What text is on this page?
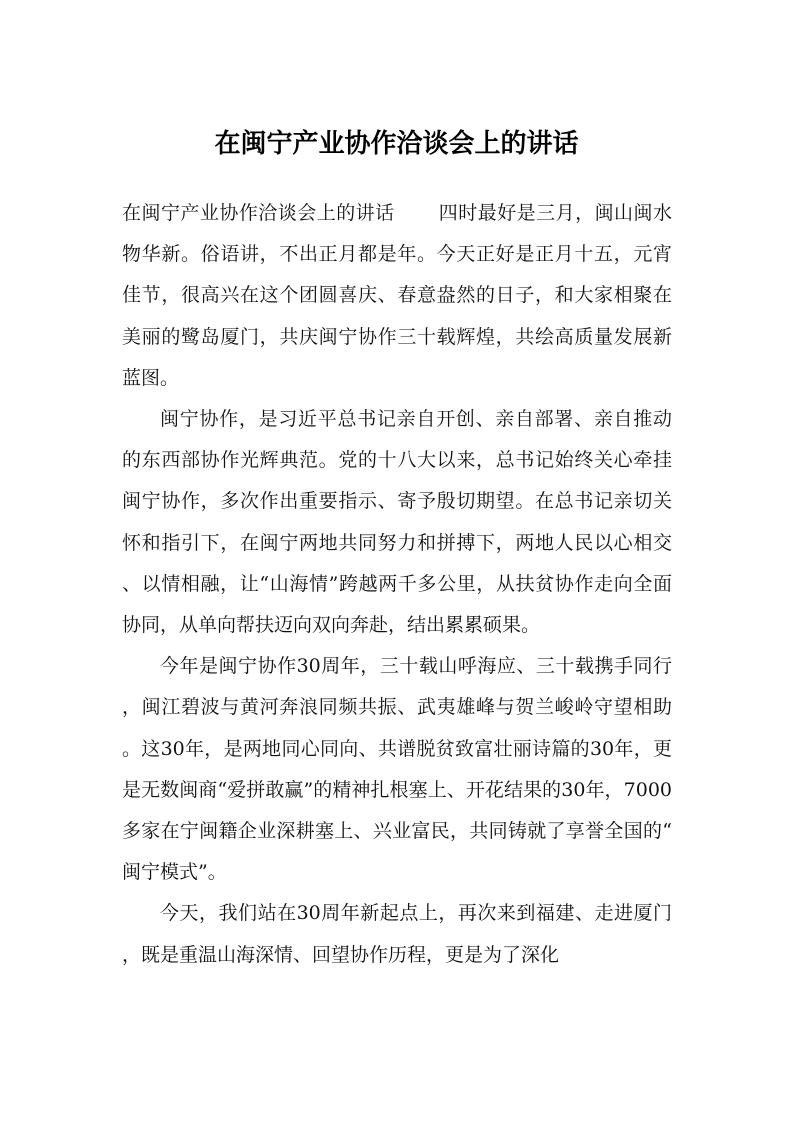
在闽宁产业协作洽谈会上的讲话

在闽宁产业协作洽谈会上的讲话 四时最好是三月，闽山闽水物华新。俗语讲，不出正月都是年。今天正好是正月十五，元宵佳节，很高兴在这个团圆喜庆、春意盎然的日子，和大家相聚在美丽的鹭岛厦门，共庆闽宁协作三十载辉煌，共绘高质量发展新蓝图。

闽宁协作，是习近平总书记亲自开创、亲自部署、亲自推动的东西部协作光辉典范。党的十八大以来，总书记始终关心牵挂闽宁协作，多次作出重要指示、寄予殷切期望。在总书记亲切关怀和指引下，在闽宁两地共同努力和拼搏下，两地人民以心相交、以情相融，让“山海情”跨越两千多公里，从扶贫协作走向全面协同，从单向帮扶迈向双向奔赴，结出累累硕果。

今年是闽宁协作30周年，三十载山呼海应、三十载携手同行，闽江碧波与黄河奔浪同频共振、武夷雄峰与贺兰峻岭守望相助。这30年，是两地同心同向、共谱脱贫致富壮丽诗篇的30年，更是无数闽商“爱拼敢赢”的精神扎根塞上、开花结果的30年，7000多家在宁闽籍企业深耕塞上、兴业富民，共同铸就了享誉全国的“闽宁模式”。

今天，我们站在30周年新起点上，再次来到福建、走进厦门，既是重温山海深情、回望协作历程，更是为了深化
